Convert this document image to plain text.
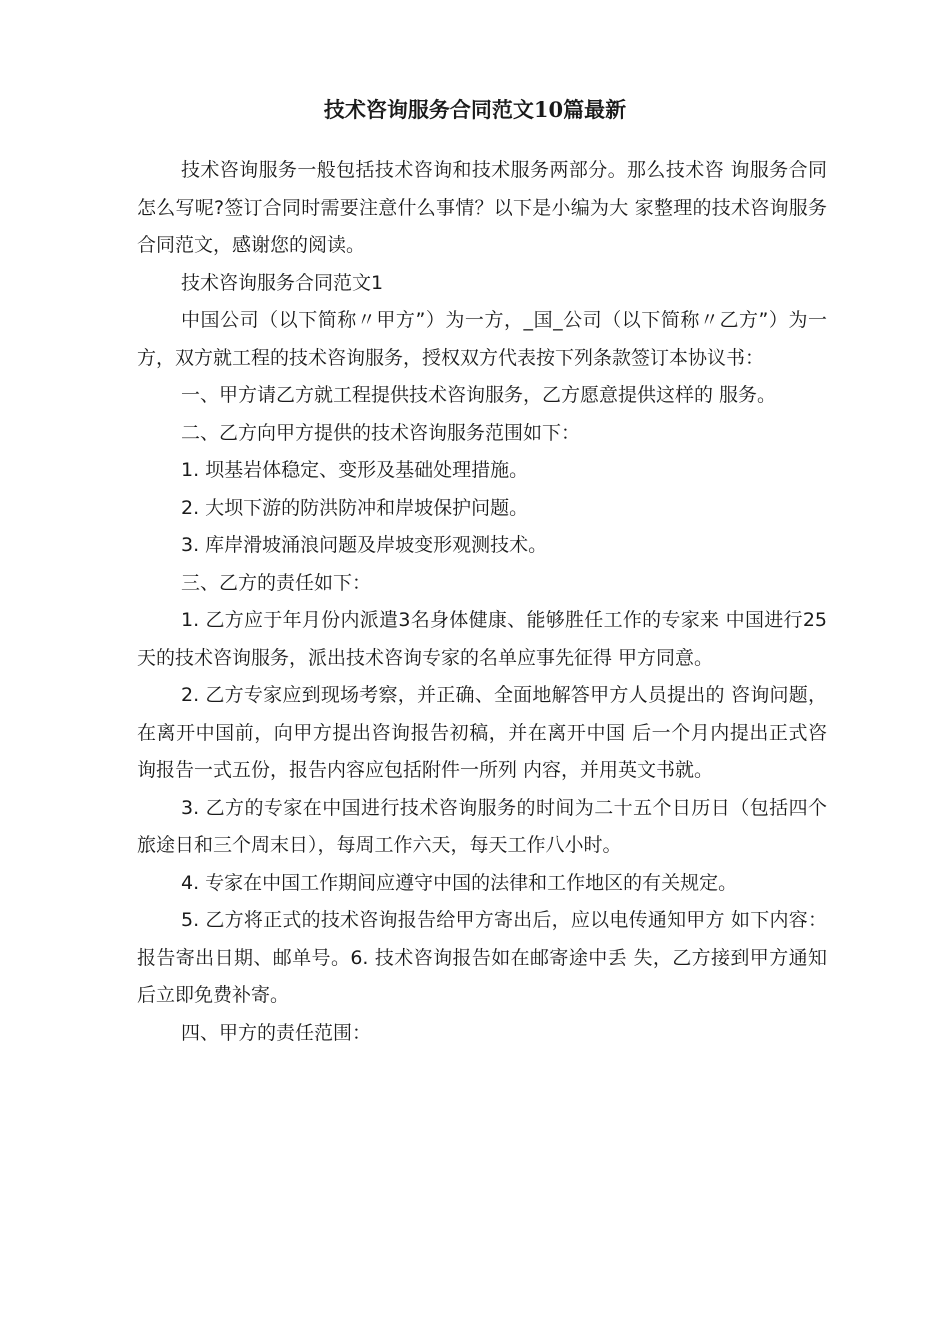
技术咨询服务合同范文10篇最新

技术咨询服务一般包括技术咨询和技术服务两部分。那么技术咨 询服务合同怎么写呢?签订合同时需要注意什么事情？以下是小编为大 家整理的技术咨询服务合同范文，感谢您的阅读。

技术咨询服务合同范文1

中国公司（以下简称〃甲方”）为一方，_国_公司（以下简称〃乙方”）为一方，双方就工程的技术咨询服务，授权双方代表按下列条款签订本协议书：

一、甲方请乙方就工程提供技术咨询服务，乙方愿意提供这样的 服务。

二、乙方向甲方提供的技术咨询服务范围如下：

1. 坝基岩体稳定、变形及基础处理措施。

2. 大坝下游的防洪防冲和岸坡保护问题。

3. 库岸滑坡涌浪问题及岸坡变形观测技术。

三、乙方的责任如下：

1. 乙方应于年月份内派遣3名身体健康、能够胜任工作的专家来 中国进行25天的技术咨询服务，派出技术咨询专家的名单应事先征得 甲方同意。

2. 乙方专家应到现场考察，并正确、全面地解答甲方人员提出的 咨询问题，在离开中国前，向甲方提出咨询报告初稿，并在离开中国 后一个月内提出正式咨询报告一式五份，报告内容应包括附件一所列 内容，并用英文书就。

3. 乙方的专家在中国进行技术咨询服务的时间为二十五个日历日（包括四个旅途日和三个周末日），每周工作六天，每天工作八小时。

4. 专家在中国工作期间应遵守中国的法律和工作地区的有关规定。

5. 乙方将正式的技术咨询报告给甲方寄出后，应以电传通知甲方 如下内容：报告寄出日期、邮单号。6. 技术咨询报告如在邮寄途中丢 失，乙方接到甲方通知后立即免费补寄。

四、甲方的责任范围：
